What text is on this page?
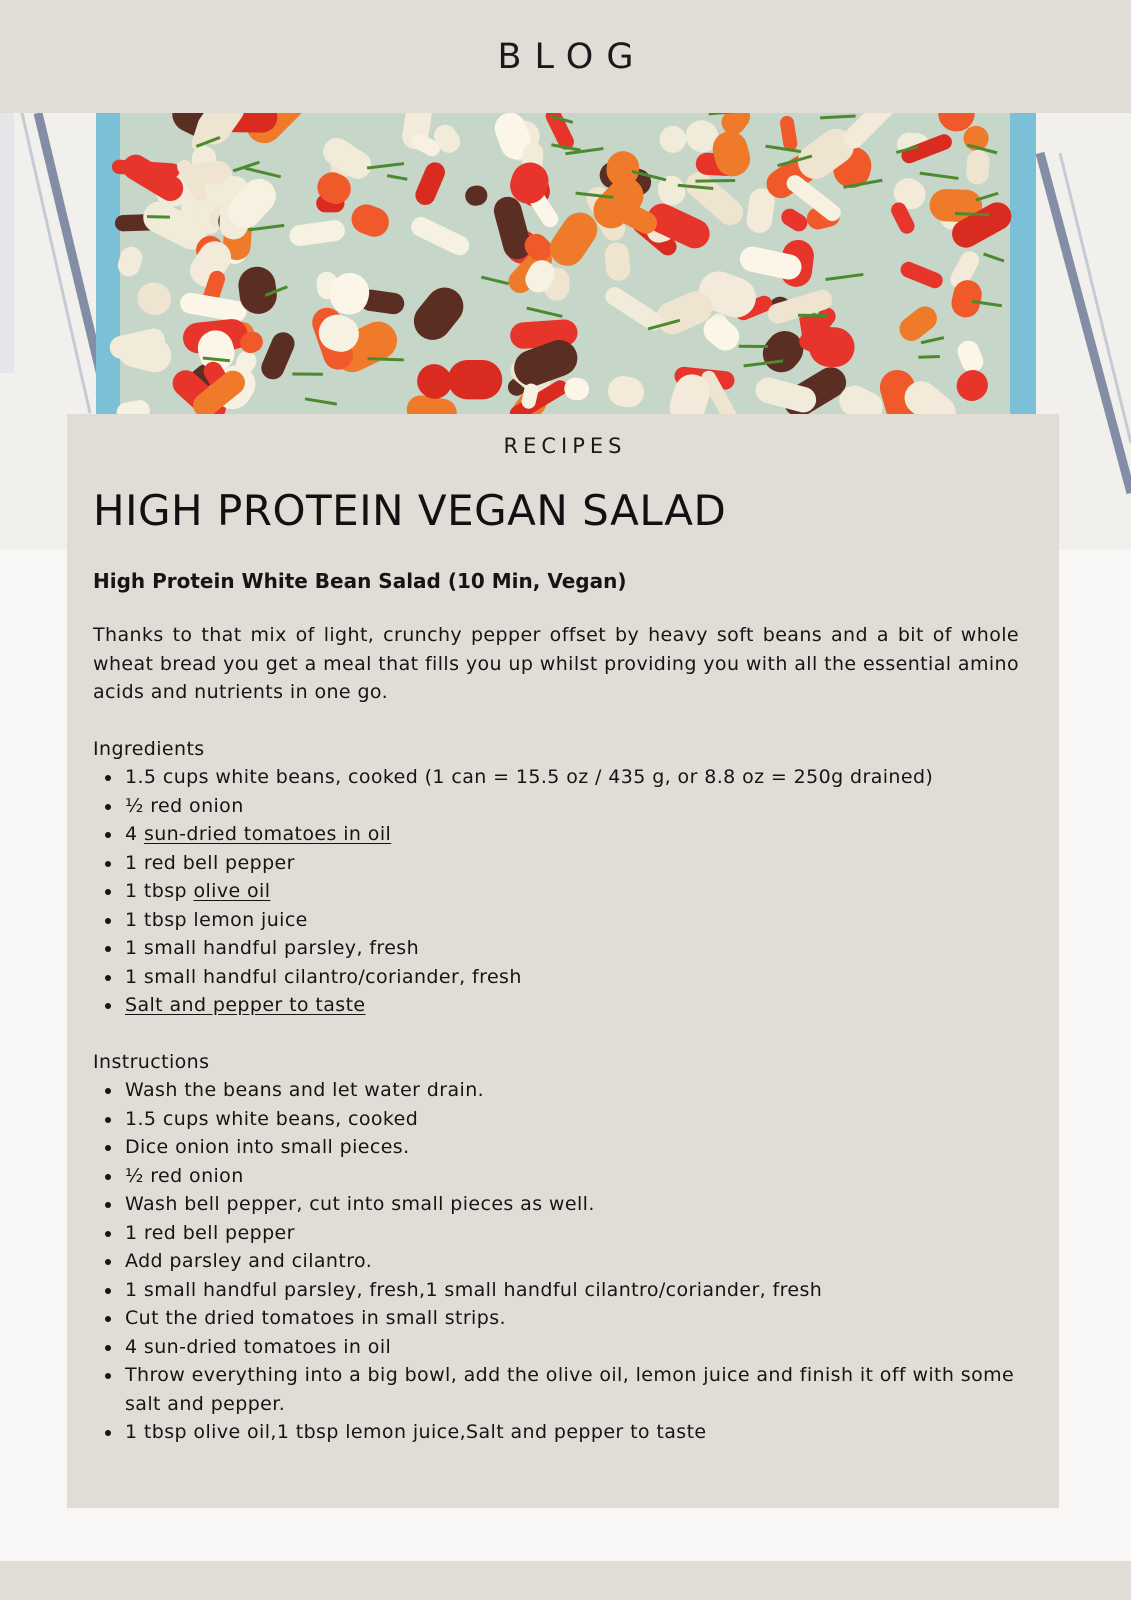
BLOG
RECIPES
HIGH PROTEIN VEGAN SALAD
High Protein White Bean Salad (10 Min, Vegan)

Thanks to that mix of light, crunchy pepper offset by heavy soft beans and a bit of whole wheat bread you get a meal that fills you up whilst providing you with all the essential amino acids and nutrients in one go.

Ingredients
1.5 cups white beans, cooked (1 can = 15.5 oz / 435 g, or 8.8 oz = 250g drained)
½ red onion
4 sun-dried tomatoes in oil
1 red bell pepper
1 tbsp olive oil
1 tbsp lemon juice
1 small handful parsley, fresh
1 small handful cilantro/coriander, fresh
Salt and pepper to taste
Instructions
Wash the beans and let water drain.
1.5 cups white beans, cooked
Dice onion into small pieces.
½ red onion
Wash bell pepper, cut into small pieces as well.
1 red bell pepper
Add parsley and cilantro.
1 small handful parsley, fresh,1 small handful cilantro/coriander, fresh
Cut the dried tomatoes in small strips.
4 sun-dried tomatoes in oil
Throw everything into a big bowl, add the olive oil, lemon juice and finish it off with some salt and pepper.
1 tbsp olive oil,1 tbsp lemon juice,Salt and pepper to taste
